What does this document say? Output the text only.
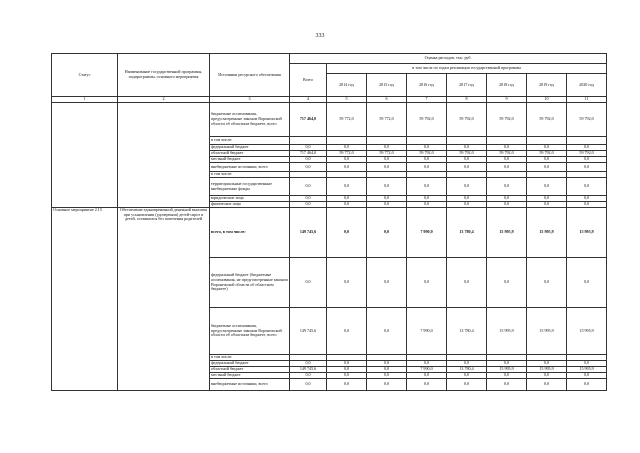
333
Статус	Наименование государственной программы, подпрограммы, основного мероприятия	Источники ресурсного обеспечения	Оценка расходов, тыс. руб.							
			Всего	в том числе по годам реализации государственной программы						
				2014 год	2015 год	2016 год	2017 год	2018 год	2019 год	2020 год
1	2	3	4	5	6	7	8	9	10	11
		бюджетные ассигнования, предусмотренные законом Воронежской области об областном бюджете, всего	717 464,0	59 772,0	59 772,0	59 792,0	59 792,0	59 792,0	59 792,0	59 792,0
		в том числе:								
		федеральный бюджет	0,0	0,0	0,0	0,0	0,0	0,0	0,0	0,0
		областной бюджет	717 464,0	59 772,0	59 772,0	59 792,0	59 792,0	59 792,0	59 792,0	59 792,0
		местный бюджет	0,0	0,0	0,0	0,0	0,0	0,0	0,0	0,0
		внебюджетные источники, всего	0,0	0,0	0,0	0,0	0,0	0,0	0,0	0,0
		в том числе:								
		территориальные государственные внебюджетные фонды	0,0	0,0	0,0	0,0	0,0	0,0	0,0	0,0
		юридические лица	0,0	0,0	0,0	0,0	0,0	0,0	0,0	0,0
		физические лица	0,0	0,0	0,0	0,0	0,0	0,0	0,0	0,0
Основное мероприятие 2.15	Обеспечение единовременной денежной выплаты при усыновлении (удочерении) детей-сирот и детей, оставшихся без попечения родителей	всего, в том числе:	149 745,6	0,0	0,0	7 990,0	13 780,4	15 995,9	15 995,9	15 995,9
		федеральный бюджет (бюджетные ассигнования, не предусмотренные законом Воронежской области об областном бюджете)	0,0	0,0	0,0	0,0	0,0	0,0	0,0	0,0
		бюджетные ассигнования, предусмотренные законом Воронежской области об областном бюджете, всего	149 745,6	0,0	0,0	7 990,0	13 780,4	15 995,9	15 995,9	15 995,9
		в том числе:								
		федеральный бюджет	0,0	0,0	0,0	0,0	0,0	0,0	0,0	0,0
		областной бюджет	149 745,6	0,0	0,0	7 990,0	13 780,4	15 995,9	15 995,9	15 995,9
		местный бюджет	0,0	0,0	0,0	0,0	0,0	0,0	0,0	0,0
		внебюджетные источники, всего	0,0	0,0	0,0	0,0	0,0	0,0	0,0	0,0
